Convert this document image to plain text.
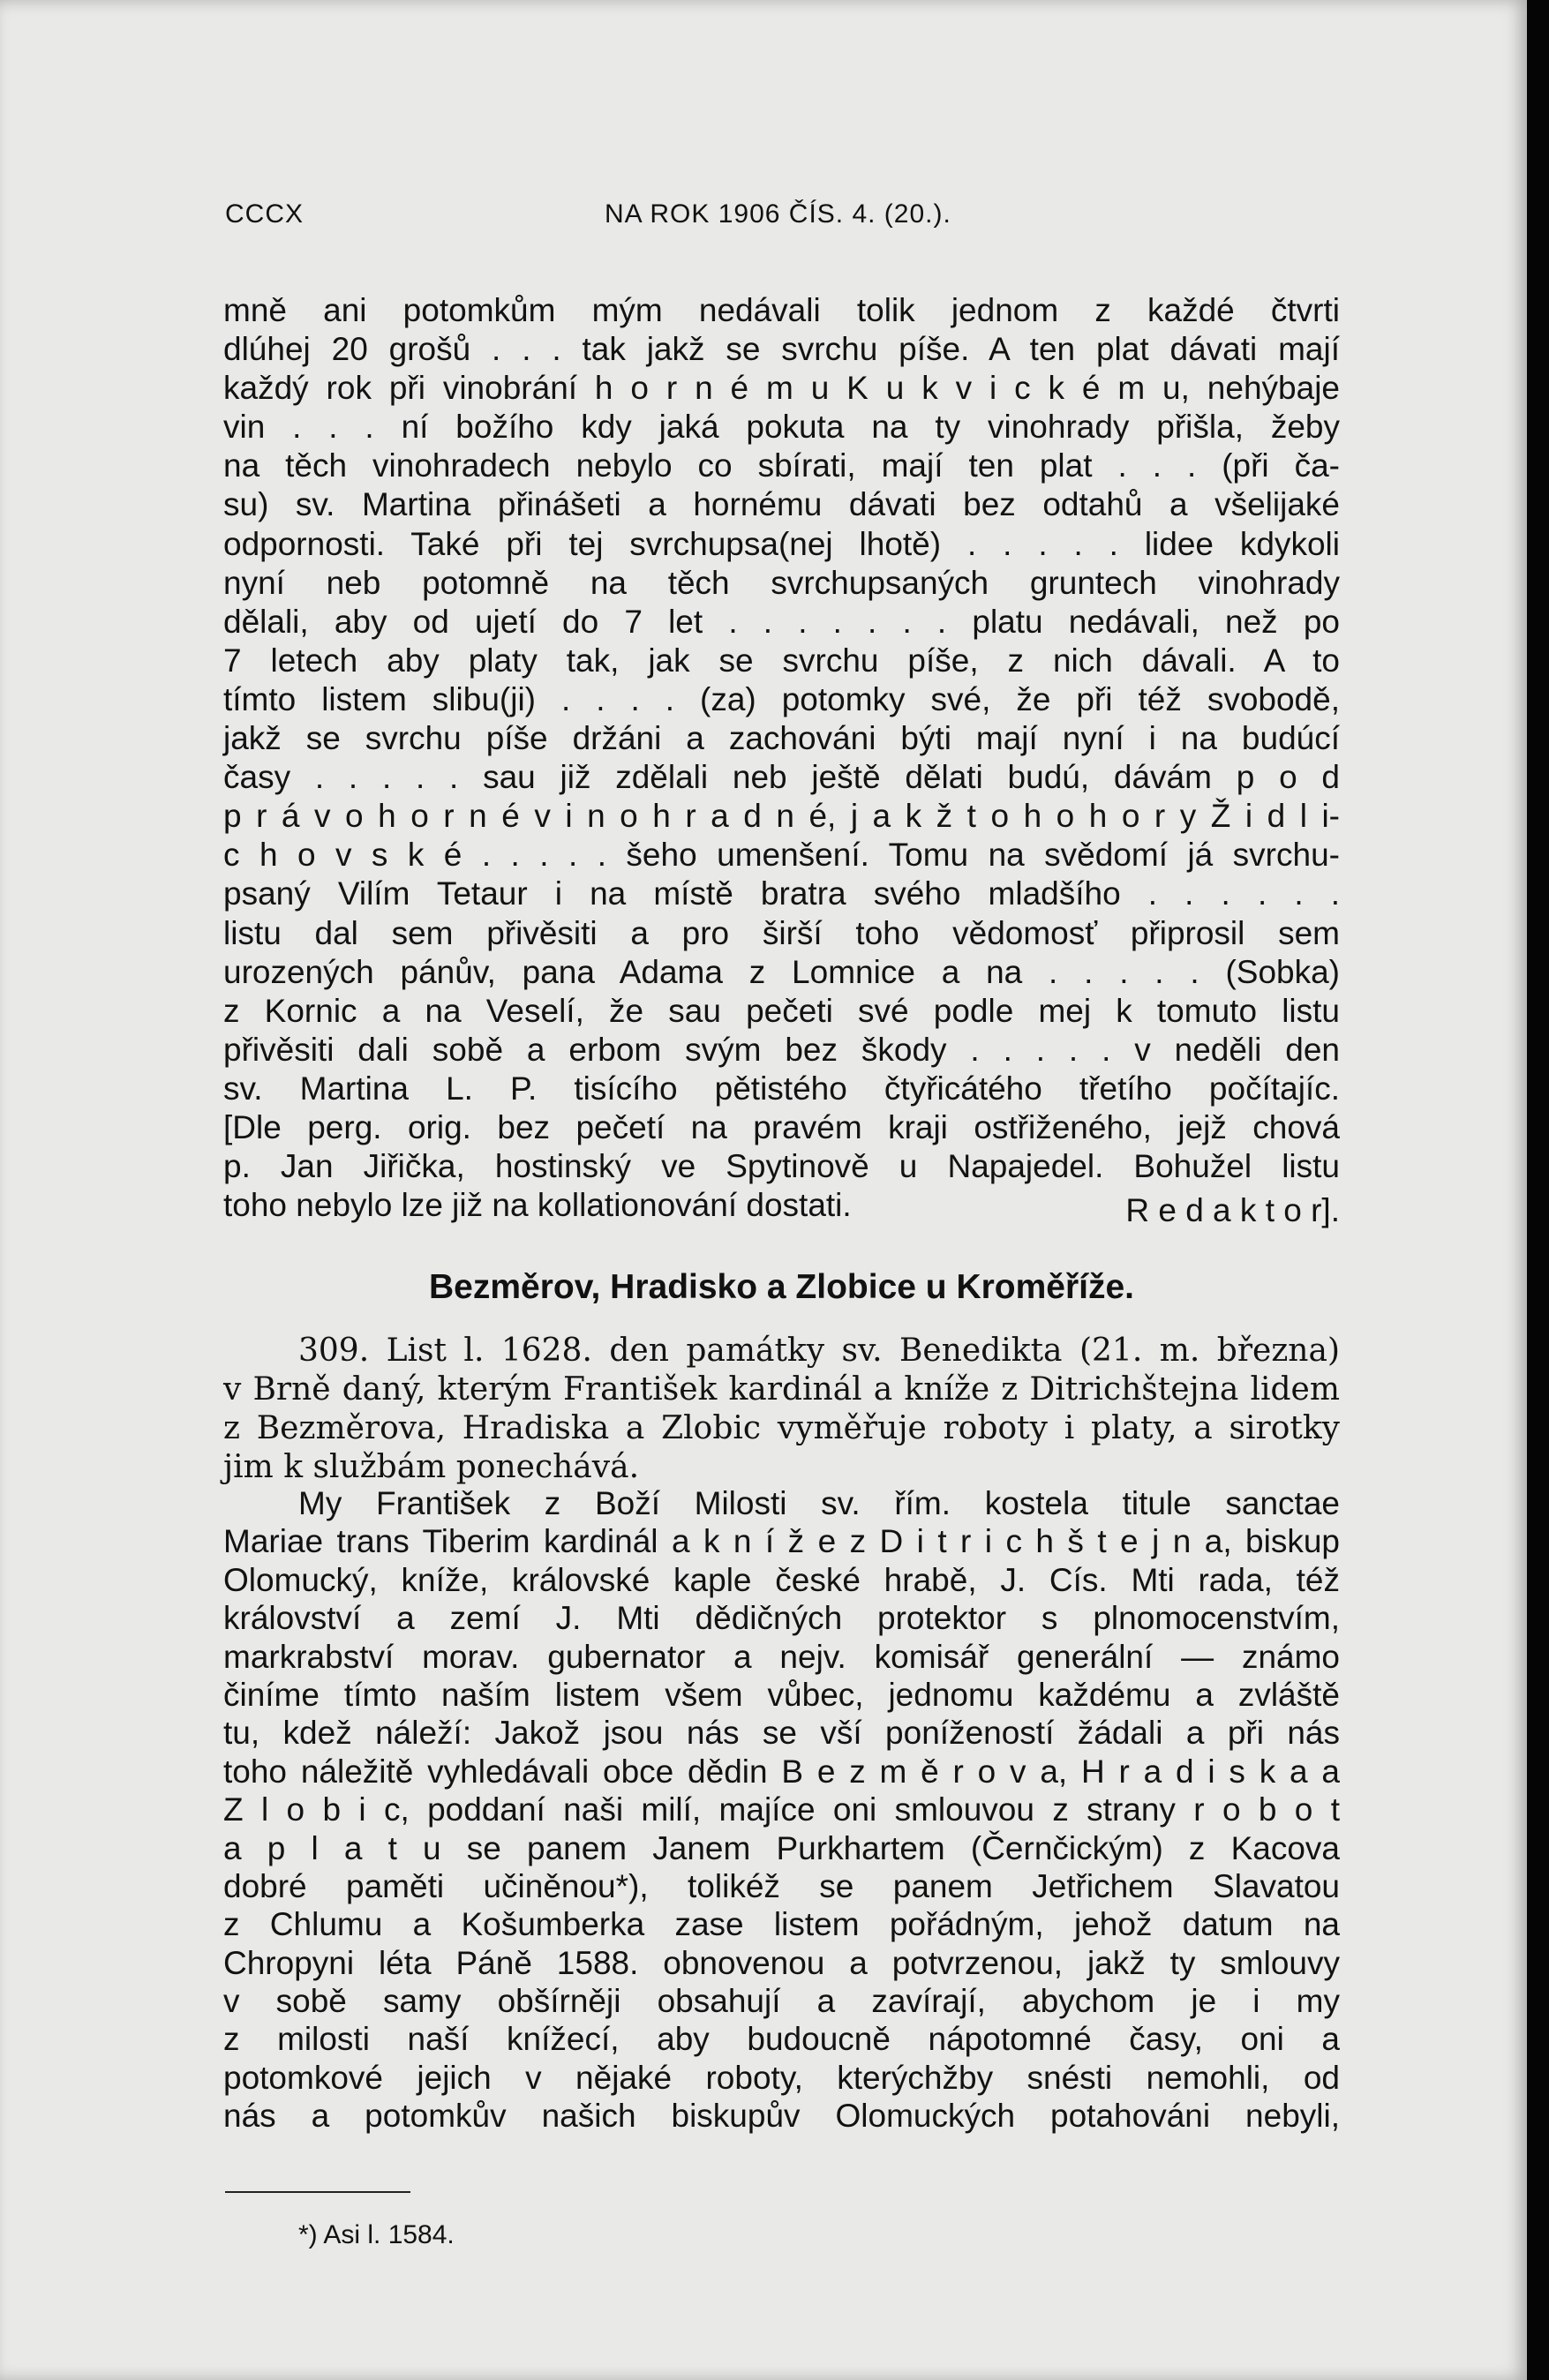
CCCX	NA ROK 1906 ČÍS. 4. (20.).
mně ani potomkům mým nedávali tolik jednom z každé čtvrti
dlúhej 20 grošů . . . tak jakž se svrchu píše. A ten plat dávati mají
každý rok při vinobrání h o r n é m u K u k v i c k é m u, nehýbaje
vin . . . ní božího kdy jaká pokuta na ty vinohrady přišla, žeby
na těch vinohradech nebylo co sbírati, mají ten plat . . . (při ča-
su) sv. Martina přinášeti a hornému dávati bez odtahů a všelijaké
odpornosti. Také při tej svrchupsa(nej lhotě) . . . . . lidee kdykoli
nyní neb potomně na těch svrchupsaných gruntech vinohrady
dělali, aby od ujetí do 7 let . . . . . . . platu nedávali, než po
7 letech aby platy tak, jak se svrchu píše, z nich dávali. A to
tímto listem slibu(ji) . . . . (za) potomky své, že při též svobodě,
jakž se svrchu píše držáni a zachováni býti mají nyní i na budúcí
časy . . . . . sau již zdělali neb ještě dělati budú, dávám p o d
p r á v o h o r n é v i n o h r a d n é, j a k ž t o h o h o r y Ž i d l i-
c h o v s k é . . . . . šeho umenšení. Tomu na svědomí já svrchu-
psaný Vilím Tetaur i na místě bratra svého mladšího . . . . . .
listu dal sem přivěsiti a pro širší toho vědomosť připrosil sem
urozených pánův, pana Adama z Lomnice a na . . . . . (Sobka)
z Kornic a na Veselí, že sau pečeti své podle mej k tomuto listu
přivěsiti dali sobě a erbom svým bez škody . . . . . v neděli den
sv. Martina L. P. tisícího pětistého čtyřicátého třetího počítajíc.
[Dle perg. orig. bez pečetí na pravém kraji ostřiženého, jejž chová
p. Jan Jiřička, hostinský ve Spytinově u Napajedel. Bohužel listu
toho nebylo lze již na kollationování dostati.	R e d a k t o r].
Bezměrov, Hradisko a Zlobice u Kroměříže.
309. List l. 1628. den památky sv. Benedikta (21. m. března)
v Brně daný, kterým František kardinál a kníže z Ditrichštejna lidem
z Bezměrova, Hradiska a Zlobic vyměřuje roboty i platy, a sirotky
jim k službám ponechává.
My František z Boží Milosti sv. řím. kostela titule sanctae
Mariae trans Tiberim kardinál a k n í ž e z D i t r i c h š t e j n a, biskup
Olomucký, kníže, královské kaple české hrabě, J. Cís. Mti rada, též
království a zemí J. Mti dědičných protektor s plnomocenstvím,
markrabství morav. gubernator a nejv. komisář generální — známo
činíme tímto naším listem všem vůbec, jednomu každému a zvláště
tu, kdež náleží: Jakož jsou nás se vší ponížeností žádali a při nás
toho náležitě vyhledávali obce dědin B e z m ě r o v a, H r a d i s k a a
Z l o b i c, poddaní naši milí, majíce oni smlouvou z strany r o b o t
a p l a t u se panem Janem Purkhartem (Černčickým) z Kacova
dobré paměti učiněnou*), tolikéž se panem Jetřichem Slavatou
z Chlumu a Košumberka zase listem pořádným, jehož datum na
Chropyni léta Páně 1588. obnovenou a potvrzenou, jakž ty smlouvy
v sobě samy obšírněji obsahují a zavírají, abychom je i my
z milosti naší knížecí, aby budoucně nápotomné časy, oni a
potomkové jejich v nějaké roboty, kterýchžby snésti nemohli, od
nás a potomkův našich biskupův Olomuckých potahováni nebyli,
*) Asi l. 1584.
